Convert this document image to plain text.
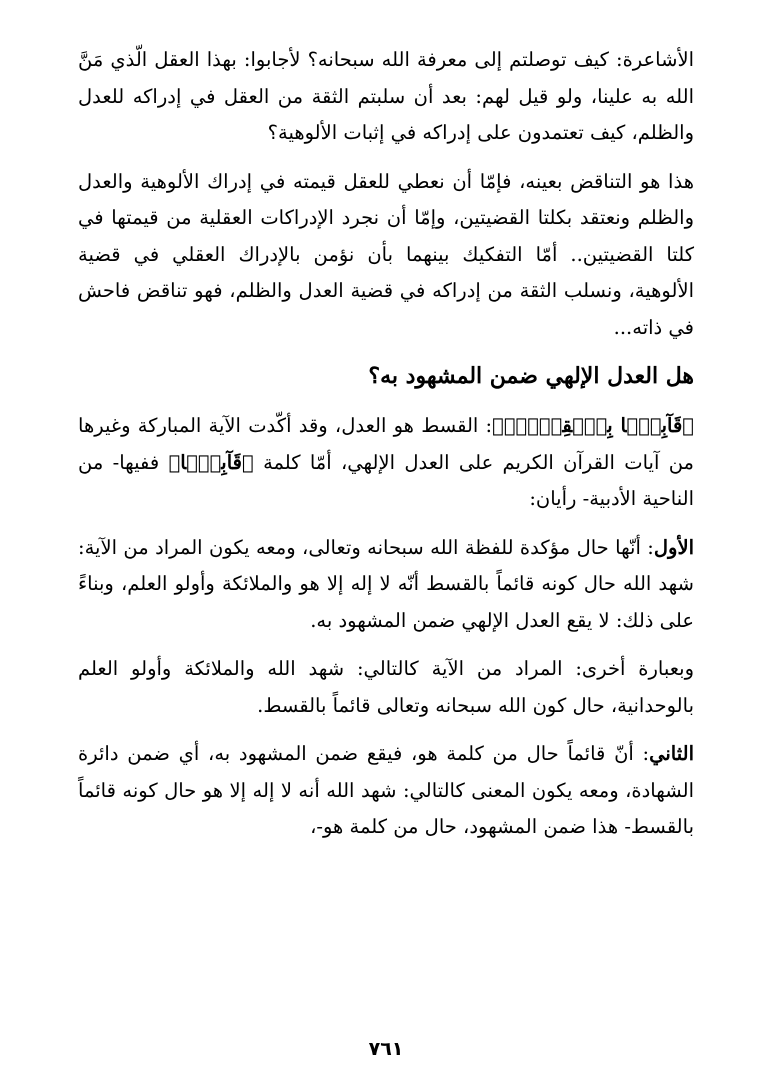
الأشاعرة: كيف توصلتم إلى معرفة الله سبحانه؟ لأجابوا: بهذا العقل الّذي مَنَّ الله به علينا، ولو قيل لهم: بعد أن سلبتم الثقة من العقل في إدراكه للعدل والظلم، كيف تعتمدون على إدراكه في إثبات الألوهية؟

هذا هو التناقض بعينه، فإمّا أن نعطي للعقل قيمته في إدراك الألوهية والعدل والظلم ونعتقد بكلتا القضيتين، وإمّا أن نجرد الإدراكات العقلية من قيمتها في كلتا القضيتين.. أمّا التفكيك بينهما بأن نؤمن بالإدراك العقلي في قضية الألوهية، ونسلب الثقة من إدراكه في قضية العدل والظلم، فهو تناقض فاحش في ذاته...

هل العدل الإلهي ضمن المشهود به؟

﴿قَآبِمَۢا بِٱلۡقِسۡطِۚ﴾: القسط هو العدل، وقد أكّدت الآية المباركة وغيرها من آيات القرآن الكريم على العدل الإلهي، أمّا كلمة ﴿قَآبِمَۢا﴾ ففيها- من الناحية الأدبية- رأيان:

الأول: أنّها حال مؤكدة للفظة الله سبحانه وتعالى، ومعه يكون المراد من الآية: شهد الله حال كونه قائماً بالقسط أنّه لا إله إلا هو والملائكة وأولو العلم، وبناءً على ذلك: لا يقع العدل الإلهي ضمن المشهود به.

وبعبارة أخرى: المراد من الآية كالتالي: شهد الله والملائكة وأولو العلم بالوحدانية، حال كون الله سبحانه وتعالى قائماً بالقسط.

الثاني: أنّ قائماً حال من كلمة هو، فيقع ضمن المشهود به، أي ضمن دائرة الشهادة، ومعه يكون المعنى كالتالي: شهد الله أنه لا إله إلا هو حال كونه قائماً بالقسط- هذا ضمن المشهود، حال من كلمة هو-،

٧٦١
